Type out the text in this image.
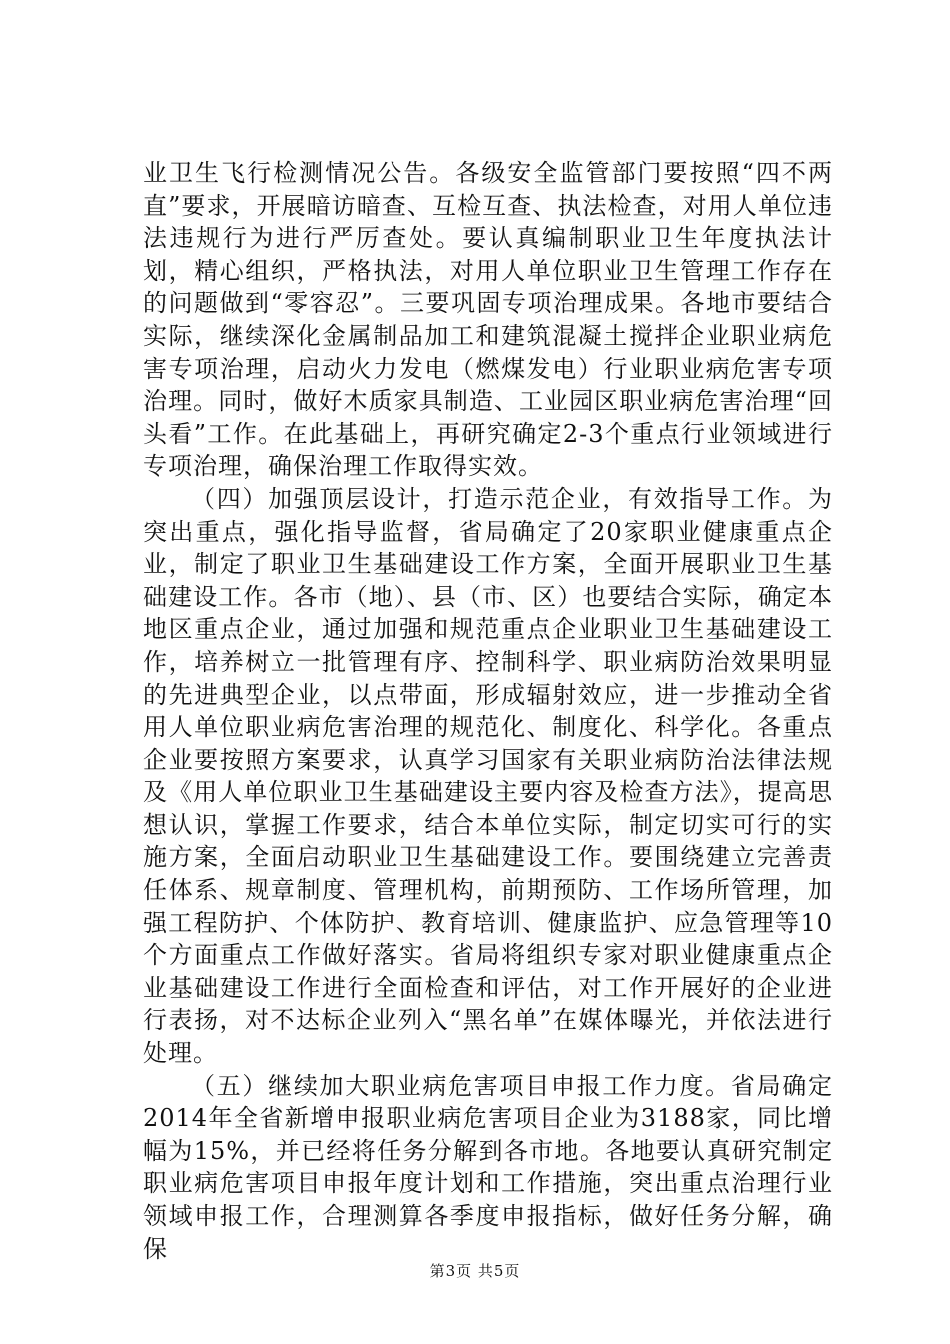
业卫生飞行检测情况公告。各级安全监管部门要按照“四不两直”要求，开展暗访暗查、互检互查、执法检查，对用人单位违法违规行为进行严厉查处。要认真编制职业卫生年度执法计划，精心组织，严格执法，对用人单位职业卫生管理工作存在的问题做到“零容忍”。三要巩固专项治理成果。各地市要结合实际，继续深化金属制品加工和建筑混凝土搅拌企业职业病危害专项治理，启动火力发电（燃煤发电）行业职业病危害专项治理。同时，做好木质家具制造、工业园区职业病危害治理“回头看”工作。在此基础上，再研究确定2-3个重点行业领域进行专项治理，确保治理工作取得实效。

（四）加强顶层设计，打造示范企业，有效指导工作。为突出重点，强化指导监督，省局确定了20家职业健康重点企业，制定了职业卫生基础建设工作方案，全面开展职业卫生基础建设工作。各市（地）、县（市、区）也要结合实际，确定本地区重点企业，通过加强和规范重点企业职业卫生基础建设工作，培养树立一批管理有序、控制科学、职业病防治效果明显的先进典型企业，以点带面，形成辐射效应，进一步推动全省用人单位职业病危害治理的规范化、制度化、科学化。各重点企业要按照方案要求，认真学习国家有关职业病防治法律法规及《用人单位职业卫生基础建设主要内容及检查方法》，提高思想认识，掌握工作要求，结合本单位实际，制定切实可行的实施方案，全面启动职业卫生基础建设工作。要围绕建立完善责任体系、规章制度、管理机构，前期预防、工作场所管理，加强工程防护、个体防护、教育培训、健康监护、应急管理等10个方面重点工作做好落实。省局将组织专家对职业健康重点企业基础建设工作进行全面检查和评估，对工作开展好的企业进行表扬，对不达标企业列入“黑名单”在媒体曝光，并依法进行处理。

（五）继续加大职业病危害项目申报工作力度。省局确定2014年全省新增申报职业病危害项目企业为3188家，同比增幅为15%，并已经将任务分解到各市地。各地要认真研究制定职业病危害项目申报年度计划和工作措施，突出重点治理行业领域申报工作，合理测算各季度申报指标，做好任务分解，确保

第3页 共5页
